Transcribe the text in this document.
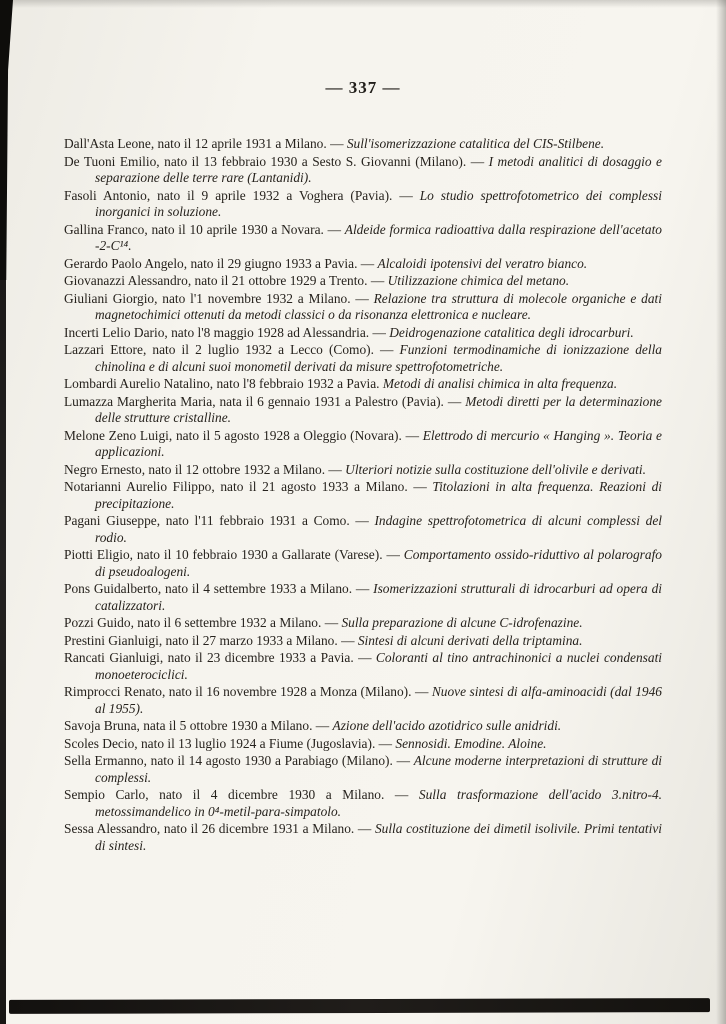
— 337 —

Dall'Asta Leone, nato il 12 aprile 1931 a Milano. — Sull'isomerizzazione catalitica del CIS-Stilbene.

De Tuoni Emilio, nato il 13 febbraio 1930 a Sesto S. Giovanni (Milano). — I metodi analitici di dosaggio e separazione delle terre rare (Lantanidi).

Fasoli Antonio, nato il 9 aprile 1932 a Voghera (Pavia). — Lo studio spettrofotometrico dei complessi inorganici in soluzione.

Gallina Franco, nato il 10 aprile 1930 a Novara. — Aldeide formica radioattiva dalla respirazione dell'acetato -2-C¹⁴.

Gerardo Paolo Angelo, nato il 29 giugno 1933 a Pavia. — Alcaloidi ipotensivi del veratro bianco.

Giovanazzi Alessandro, nato il 21 ottobre 1929 a Trento. — Utilizzazione chimica del metano.

Giuliani Giorgio, nato l'1 novembre 1932 a Milano. — Relazione tra struttura di molecole organiche e dati magnetochimici ottenuti da metodi classici o da risonanza elettronica e nucleare.

Incerti Lelio Dario, nato l'8 maggio 1928 ad Alessandria. — Deidrogenazione catalitica degli idrocarburi.

Lazzari Ettore, nato il 2 luglio 1932 a Lecco (Como). — Funzioni termodinamiche di ionizzazione della chinolina e di alcuni suoi monometil derivati da misure spettrofotometriche.

Lombardi Aurelio Natalino, nato l'8 febbraio 1932 a Pavia. Metodi di analisi chimica in alta frequenza.

Lumazza Margherita Maria, nata il 6 gennaio 1931 a Palestro (Pavia). — Metodi diretti per la determinazione delle strutture cristalline.

Melone Zeno Luigi, nato il 5 agosto 1928 a Oleggio (Novara). — Elettrodo di mercurio « Hanging ». Teoria e applicazioni.

Negro Ernesto, nato il 12 ottobre 1932 a Milano. — Ulteriori notizie sulla costituzione dell'olivile e derivati.

Notarianni Aurelio Filippo, nato il 21 agosto 1933 a Milano. — Titolazioni in alta frequenza. Reazioni di precipitazione.

Pagani Giuseppe, nato l'11 febbraio 1931 a Como. — Indagine spettrofotometrica di alcuni complessi del rodio.

Piotti Eligio, nato il 10 febbraio 1930 a Gallarate (Varese). — Comportamento ossido-riduttivo al polarografo di pseudoalogeni.

Pons Guidalberto, nato il 4 settembre 1933 a Milano. — Isomerizzazioni strutturali di idrocarburi ad opera di catalizzatori.

Pozzi Guido, nato il 6 settembre 1932 a Milano. — Sulla preparazione di alcune C-idrofenazine.

Prestini Gianluigi, nato il 27 marzo 1933 a Milano. — Sintesi di alcuni derivati della triptamina.

Rancati Gianluigi, nato il 23 dicembre 1933 a Pavia. — Coloranti al tino antrachinonici a nuclei condensati monoeterociclici.

Rimprocci Renato, nato il 16 novembre 1928 a Monza (Milano). — Nuove sintesi di alfa-aminoacidi (dal 1946 al 1955).

Savoja Bruna, nata il 5 ottobre 1930 a Milano. — Azione dell'acido azotidrico sulle anidridi.

Scoles Decio, nato il 13 luglio 1924 a Fiume (Jugoslavia). — Sennosidi. Emodine. Aloine.

Sella Ermanno, nato il 14 agosto 1930 a Parabiago (Milano). — Alcune moderne interpretazioni di strutture di complessi.

Sempio Carlo, nato il 4 dicembre 1930 a Milano. — Sulla trasformazione dell'acido 3.nitro-4. metossimandelico in 0⁴-metil-para-simpatolo.

Sessa Alessandro, nato il 26 dicembre 1931 a Milano. — Sulla costituzione dei dimetil isolivile. Primi tentativi di sintesi.
